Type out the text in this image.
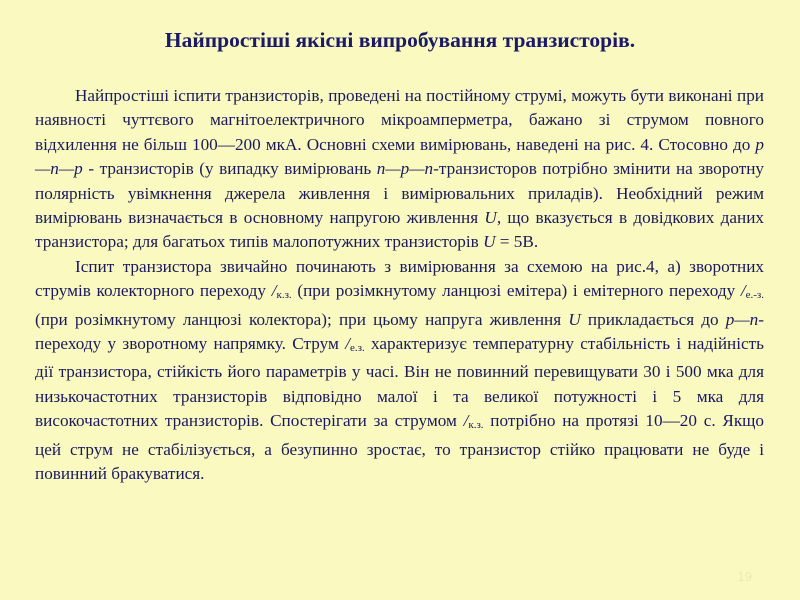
Найпростіші якісні випробування транзисторів.

Найпростіші іспити транзисторів, проведені на постійному струмі, можуть бути виконані при наявності чуттєвого магнітоелектричного мікроамперметра, бажано зі струмом повного відхилення не більш 100—200 мкА. Основні схеми вимірювань, наведені на рис. 4. Стосовно до p—n—p - транзисторів (у випадку вимірювань n—p—n-транзисторов потрібно змінити на зворотну полярність увімкнення джерела живлення і вимірювальних приладів). Необхідний режим вимірювань визначається в основному напругою живлення U, що вказується в довідкових даних транзистора; для багатьох типів малопотужних транзисторів U = 5В.

Іспит транзистора звичайно починають з вимірювання за схемою на рис.4, а) зворотних струмів колекторного переходу /к.з. (при розімкнутому ланцюзі емітера) і емітерного переходу /е.-з. (при розімкнутому ланцюзі колектора); при цьому напруга живлення U прикладається до p—n-переходу у зворотному напрямку. Струм /е.з. характеризує температурну стабільність і надійність дії транзистора, стійкість його параметрів у часі. Він не повинний перевищувати 30 і 500 мка для низькочастотних транзисторів відповідно малої і та великої потужності і 5 мка для високочастотних транзисторів. Спостерігати за струмом /к.з. потрібно на протязі 10—20 с. Якщо цей струм не стабілізується, а безупинно зростає, то транзистор стійко працювати не буде і повинний бракуватися.

19
